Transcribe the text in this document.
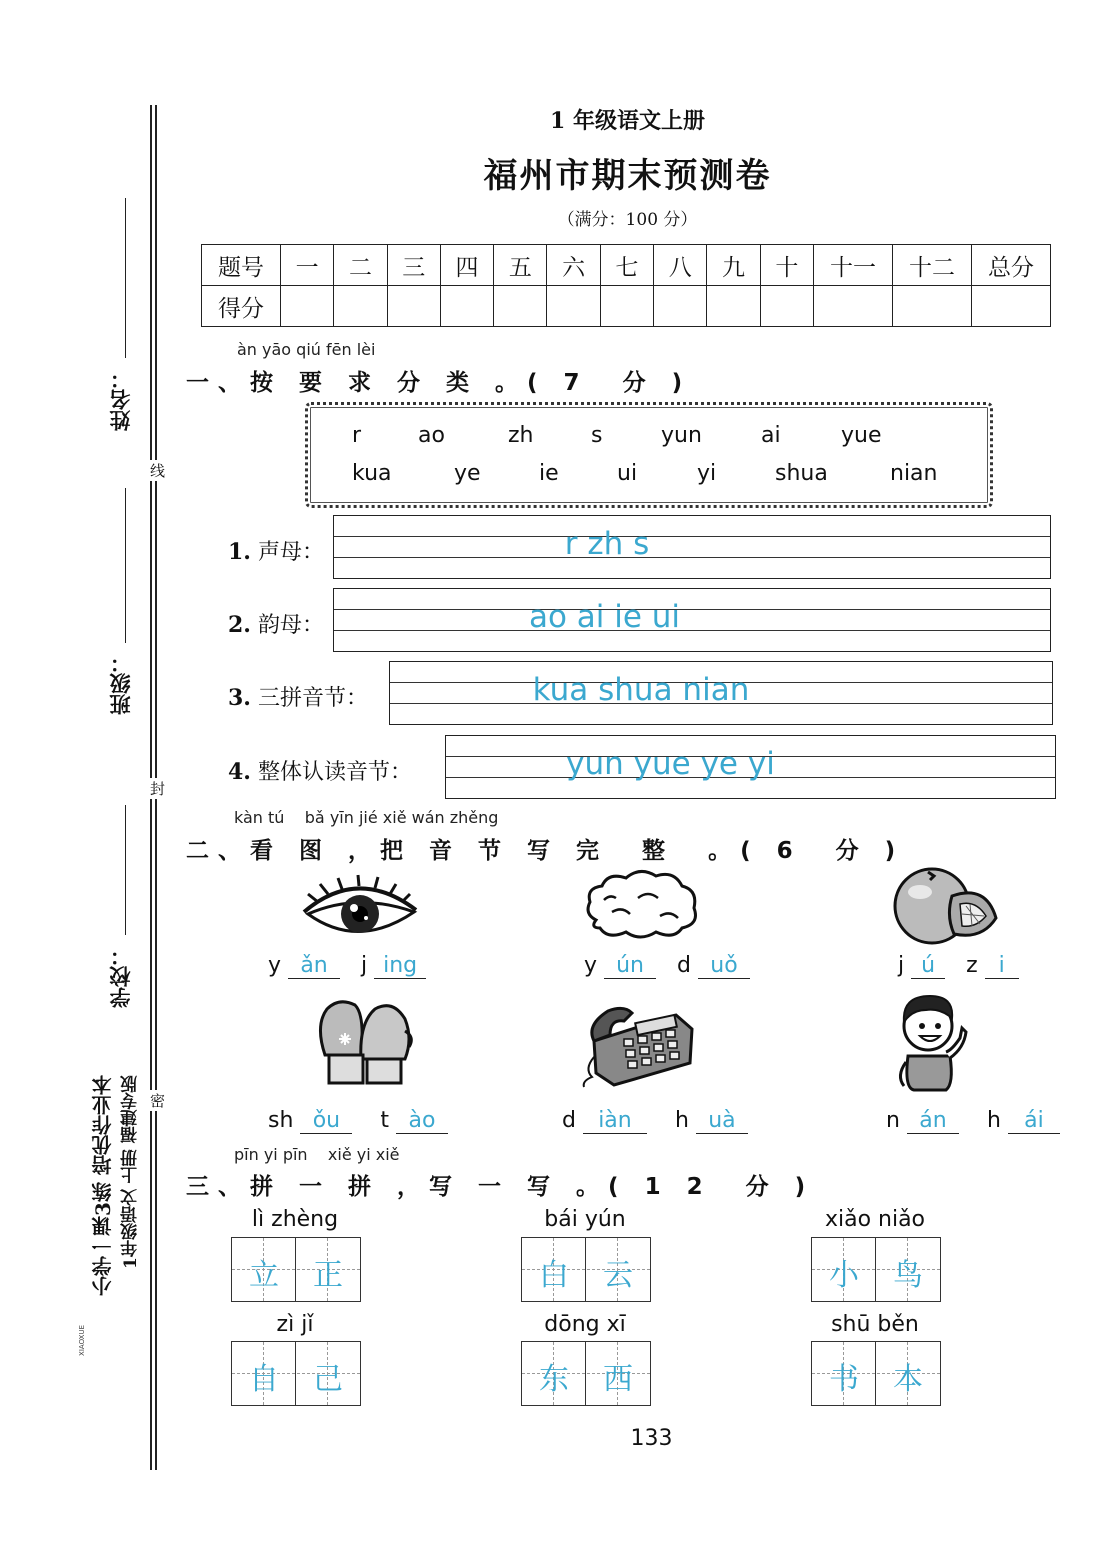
姓名：
班级：
学校：
线
封
密
小学一课3练 培优作业本 1年级语文 上册 福建专版
XIAOXUE
1 年级语文上册
福州市期末预测卷
（满分：100 分）
题号	一	二	三	四	五	六	七	八	九	十	十一	十二	总分
得分													
àn yāo qiú fēn lèi
一、按 要 求 分 类 。( 7  分 )
r	ao	zh	s	yun	ai	yue
kua	ye	ie	ui	yi	shua	nian
1. 声母：	r zh s
2. 韵母：	ao ai ie ui
3. 三拼音节：	kua shua nian
4. 整体认读音节：	yun yue ye yi
kàn tú    bǎ yīn jié xiě wán zhěng
二、看 图 ，把 音 节 写 完  整  。( 6  分 )
y ǎn j ing	y ún d uǒ	j ú z i
sh ǒu t ào	d iàn h uà	n án h ái
pīn yi pīn    xiě yi xiě
三、拼 一 拼 ，写 一 写 。( 1 2  分 )
lì zhèng
立	正
bái yún
白	云
xiǎo niǎo
小	鸟
zì jǐ
自	己
dōng xī
东	西
shū běn
书	本
133
